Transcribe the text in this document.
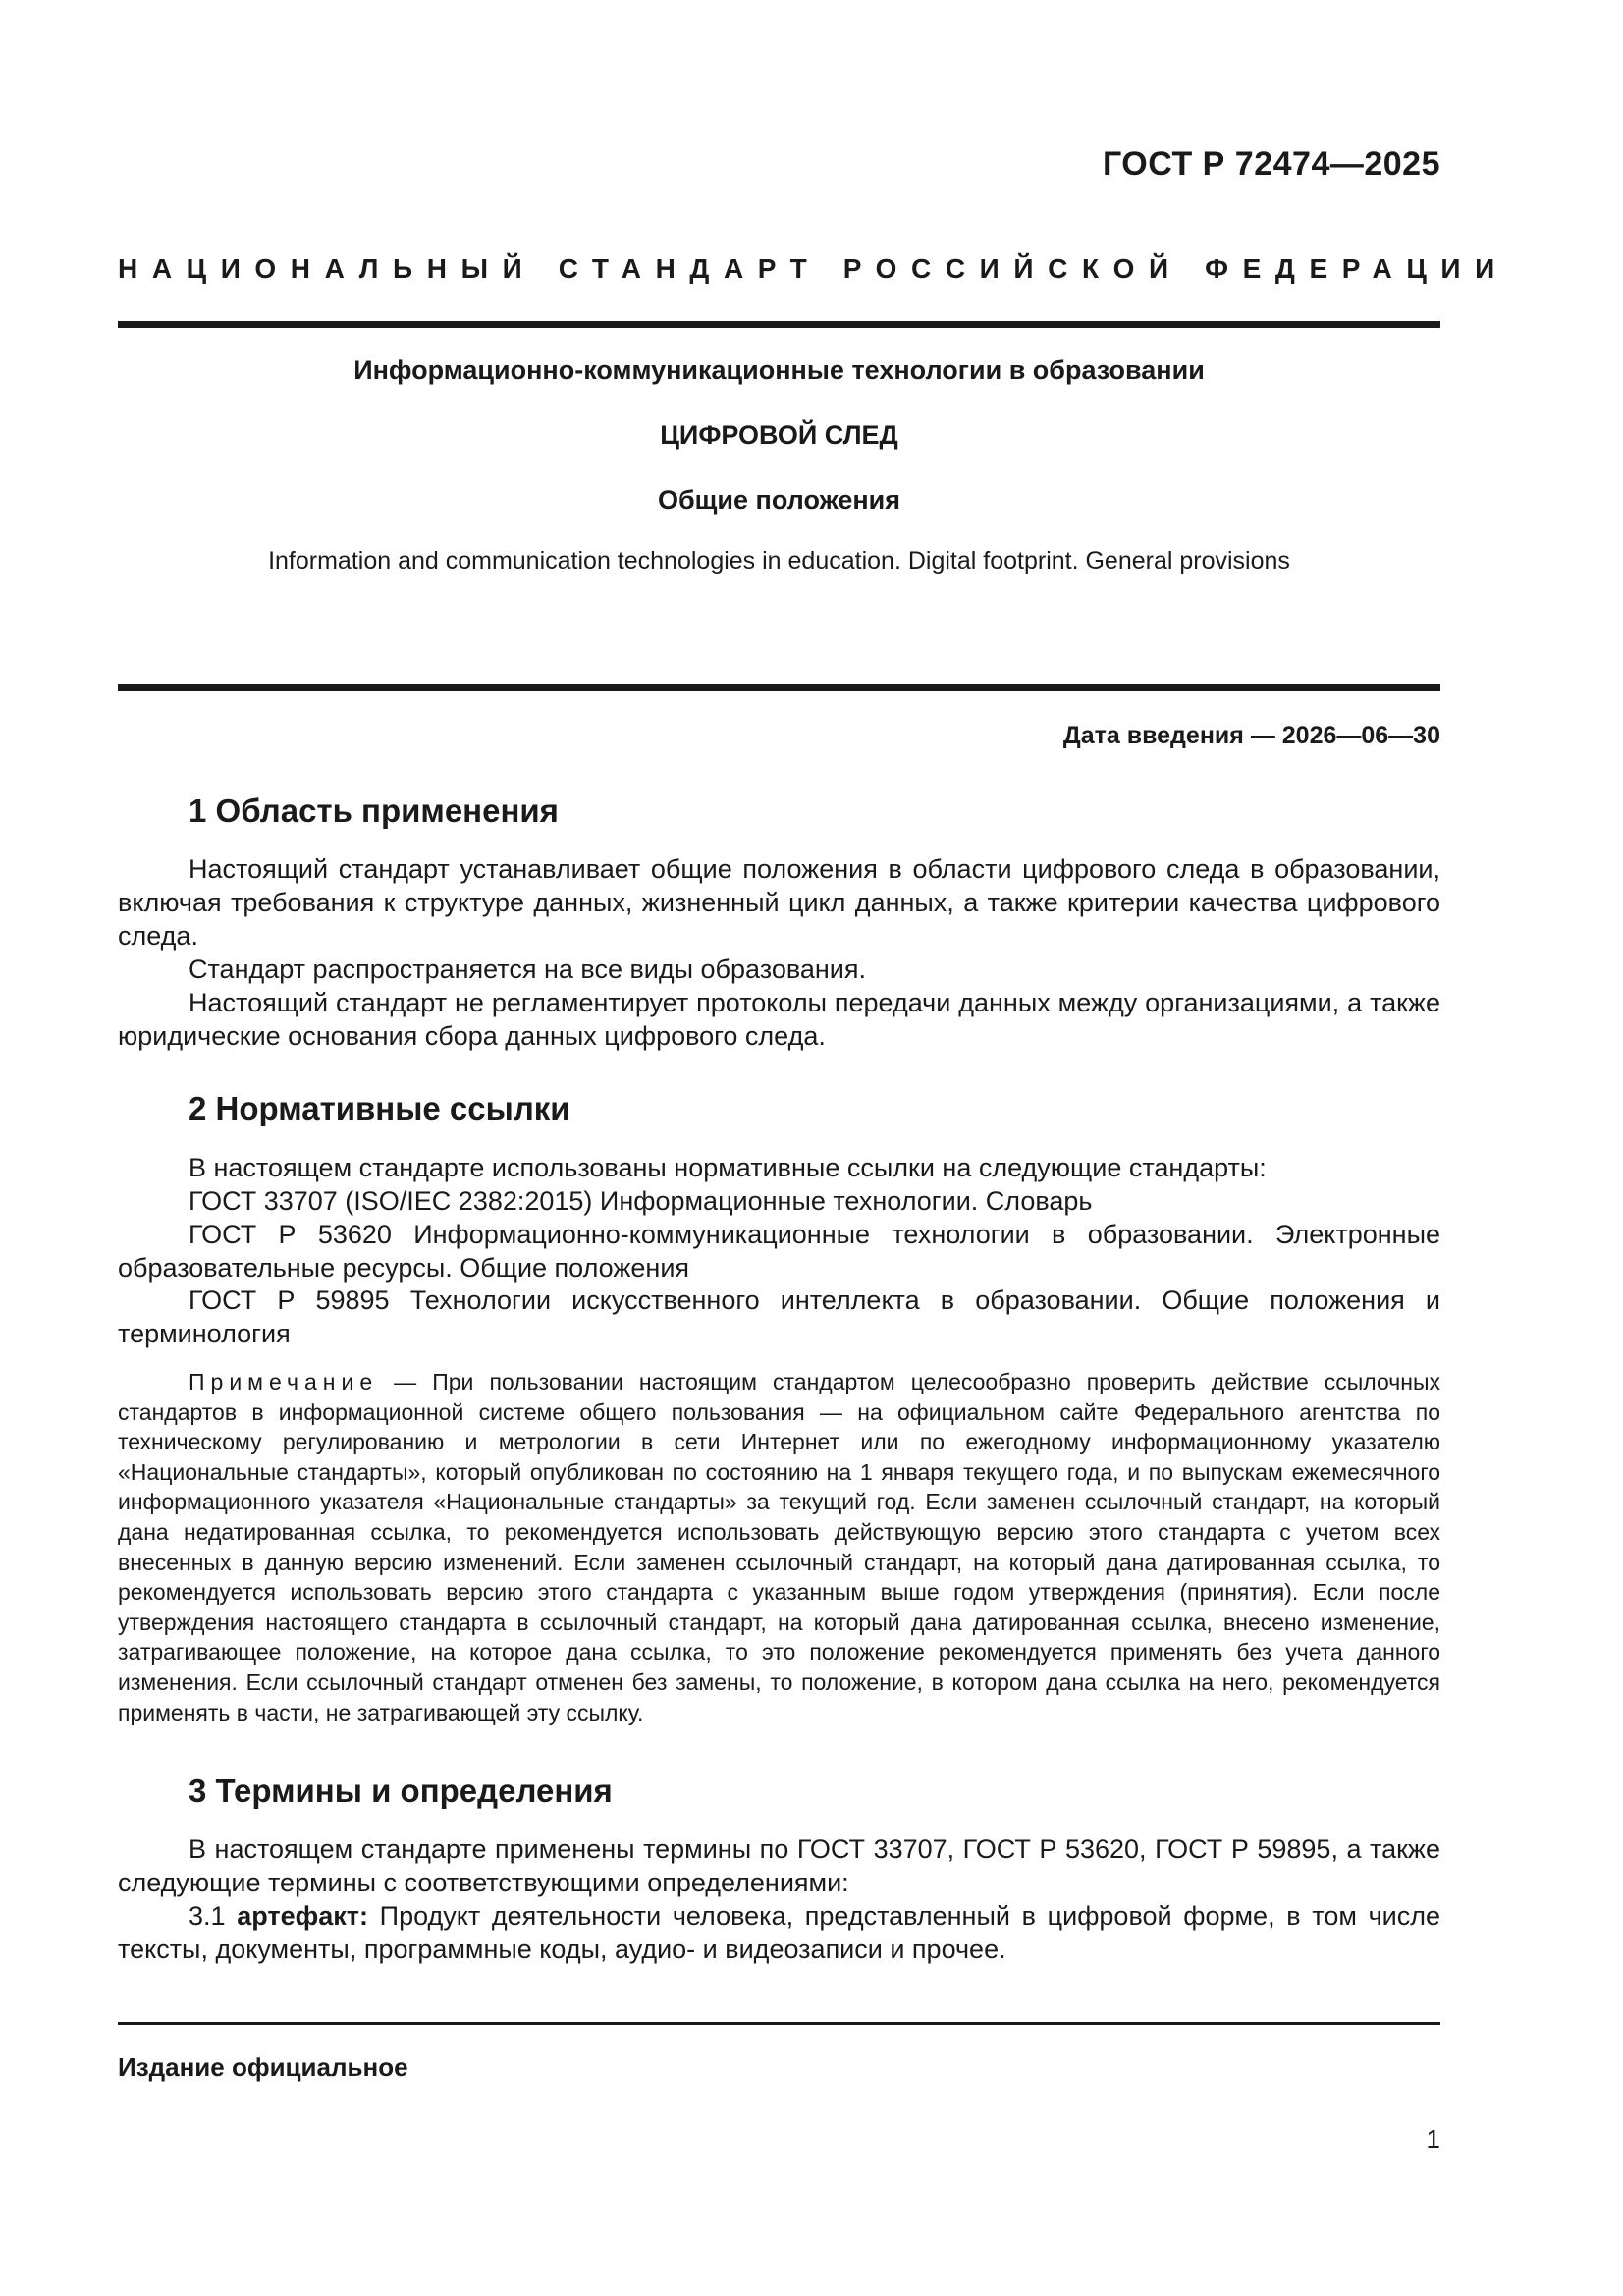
ГОСТ Р 72474—2025
НАЦИОНАЛЬНЫЙ СТАНДАРТ РОССИЙСКОЙ ФЕДЕРАЦИИ
Информационно-коммуникационные технологии в образовании
ЦИФРОВОЙ СЛЕД
Общие положения
Information and communication technologies in education. Digital footprint. General provisions
Дата введения — 2026—06—30
1 Область применения

Настоящий стандарт устанавливает общие положения в области цифрового следа в образовании, включая требования к структуре данных, жизненный цикл данных, а также критерии качества цифрового следа.

Стандарт распространяется на все виды образования.

Настоящий стандарт не регламентирует протоколы передачи данных между организациями, а также юридические основания сбора данных цифрового следа.

2 Нормативные ссылки

В настоящем стандарте использованы нормативные ссылки на следующие стандарты:

ГОСТ 33707 (ISO/IEC 2382:2015) Информационные технологии. Словарь

ГОСТ Р 53620 Информационно-коммуникационные технологии в образовании. Электронные образовательные ресурсы. Общие положения

ГОСТ Р 59895 Технологии искусственного интеллекта в образовании. Общие положения и терминология

Примечание — При пользовании настоящим стандартом целесообразно проверить действие ссылочных стандартов в информационной системе общего пользования — на официальном сайте Федерального агентства по техническому регулированию и метрологии в сети Интернет или по ежегодному информационному указателю «Национальные стандарты», который опубликован по состоянию на 1 января текущего года, и по выпускам ежемесячного информационного указателя «Национальные стандарты» за текущий год. Если заменен ссылочный стандарт, на который дана недатированная ссылка, то рекомендуется использовать действующую версию этого стандарта с учетом всех внесенных в данную версию изменений. Если заменен ссылочный стандарт, на который дана датированная ссылка, то рекомендуется использовать версию этого стандарта с указанным выше годом утверждения (принятия). Если после утверждения настоящего стандарта в ссылочный стандарт, на который дана датированная ссылка, внесено изменение, затрагивающее положение, на которое дана ссылка, то это положение рекомендуется применять без учета данного изменения. Если ссылочный стандарт отменен без замены, то положение, в котором дана ссылка на него, рекомендуется применять в части, не затрагивающей эту ссылку.

3 Термины и определения

В настоящем стандарте применены термины по ГОСТ 33707, ГОСТ Р 53620, ГОСТ Р 59895, а также следующие термины с соответствующими определениями:

3.1 артефакт: Продукт деятельности человека, представленный в цифровой форме, в том числе тексты, документы, программные коды, аудио- и видеозаписи и прочее.

Издание официальное
1
